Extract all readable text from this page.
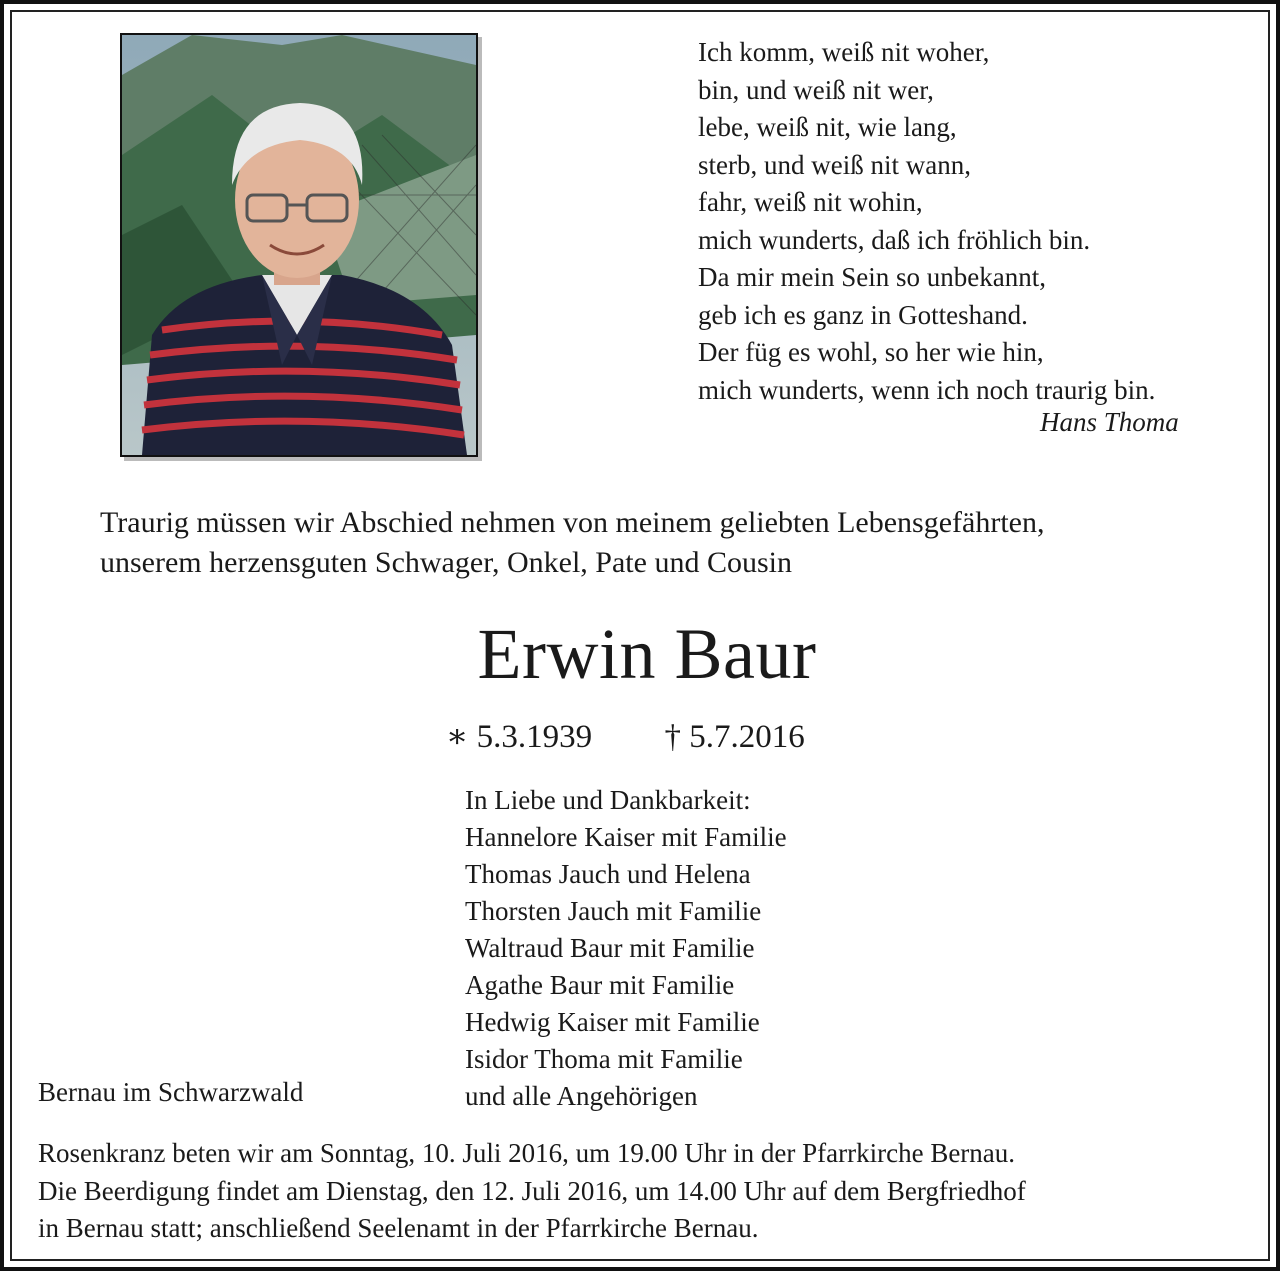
Ich komm, weiß nit woher,
bin, und weiß nit wer,
lebe, weiß nit, wie lang,
sterb, und weiß nit wann,
fahr, weiß nit wohin,
mich wunderts, daß ich fröhlich bin.
Da mir mein Sein so unbekannt,
geb ich es ganz in Gotteshand.
Der füg es wohl, so her wie hin,
mich wunderts, wenn ich noch traurig bin.
Hans Thoma
Traurig müssen wir Abschied nehmen von meinem geliebten Lebensgefährten,
unserem herzensguten Schwager, Onkel, Pate und Cousin
Erwin Baur
∗ 5.3.1939 † 5.7.2016
In Liebe und Dankbarkeit:
Hannelore Kaiser mit Familie
Thomas Jauch und Helena
Thorsten Jauch mit Familie
Waltraud Baur mit Familie
Agathe Baur mit Familie
Hedwig Kaiser mit Familie
Isidor Thoma mit Familie
und alle Angehörigen
Bernau im Schwarzwald
Rosenkranz beten wir am Sonntag, 10. Juli 2016, um 19.00 Uhr in der Pfarrkirche Bernau.
Die Beerdigung findet am Dienstag, den 12. Juli 2016, um 14.00 Uhr auf dem Bergfriedhof
in Bernau statt; anschließend Seelenamt in der Pfarrkirche Bernau.
